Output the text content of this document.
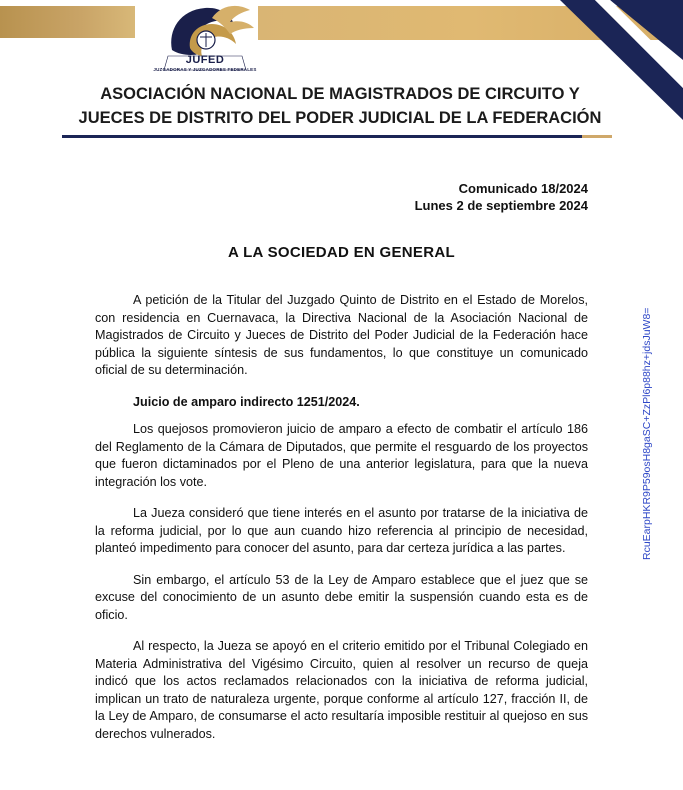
JUFED
JUZGADORAS Y JUZGADORES FEDERALES
ASOCIACIÓN NACIONAL DE MAGISTRADOS DE CIRCUITO Y
JUECES DE DISTRITO DEL PODER JUDICIAL DE LA FEDERACIÓN
Comunicado 18/2024
Lunes 2 de septiembre 2024
A LA SOCIEDAD EN GENERAL

A petición de la Titular del Juzgado Quinto de Distrito en el Estado de Morelos, con residencia en Cuernavaca, la Directiva Nacional de la Asociación Nacional de Magistrados de Circuito y Jueces de Distrito del Poder Judicial de la Federación hace pública la siguiente síntesis de sus fundamentos, lo que constituye un comunicado oficial de su determinación.

Juicio de amparo indirecto 1251/2024.

Los quejosos promovieron juicio de amparo a efecto de combatir el artículo 186 del Reglamento de la Cámara de Diputados, que permite el resguardo de los proyectos que fueron dictaminados por el Pleno de una anterior legislatura, para que la nueva integración los vote.

La Jueza consideró que tiene interés en el asunto por tratarse de la iniciativa de la reforma judicial, por lo que aun cuando hizo referencia al principio de necesidad, planteó impedimento para conocer del asunto, para dar certeza jurídica a las partes.

Sin embargo, el artículo 53 de la Ley de Amparo establece que el juez que se excuse del conocimiento de un asunto debe emitir la suspensión cuando esta es de oficio.

Al respecto, la Jueza se apoyó en el criterio emitido por el Tribunal Colegiado en Materia Administrativa del Vigésimo Circuito, quien al resolver un recurso de queja indicó que los actos reclamados relacionados con la iniciativa de reforma judicial, implican un trato de naturaleza urgente, porque conforme al artículo 127, fracción II, de la Ley de Amparo, de consumarse el acto resultaría imposible restituir al quejoso en sus derechos vulnerados.

RcuEarpHKR9P59osH8gaSC+ZzPl6p88hz+jdsJuW8=
